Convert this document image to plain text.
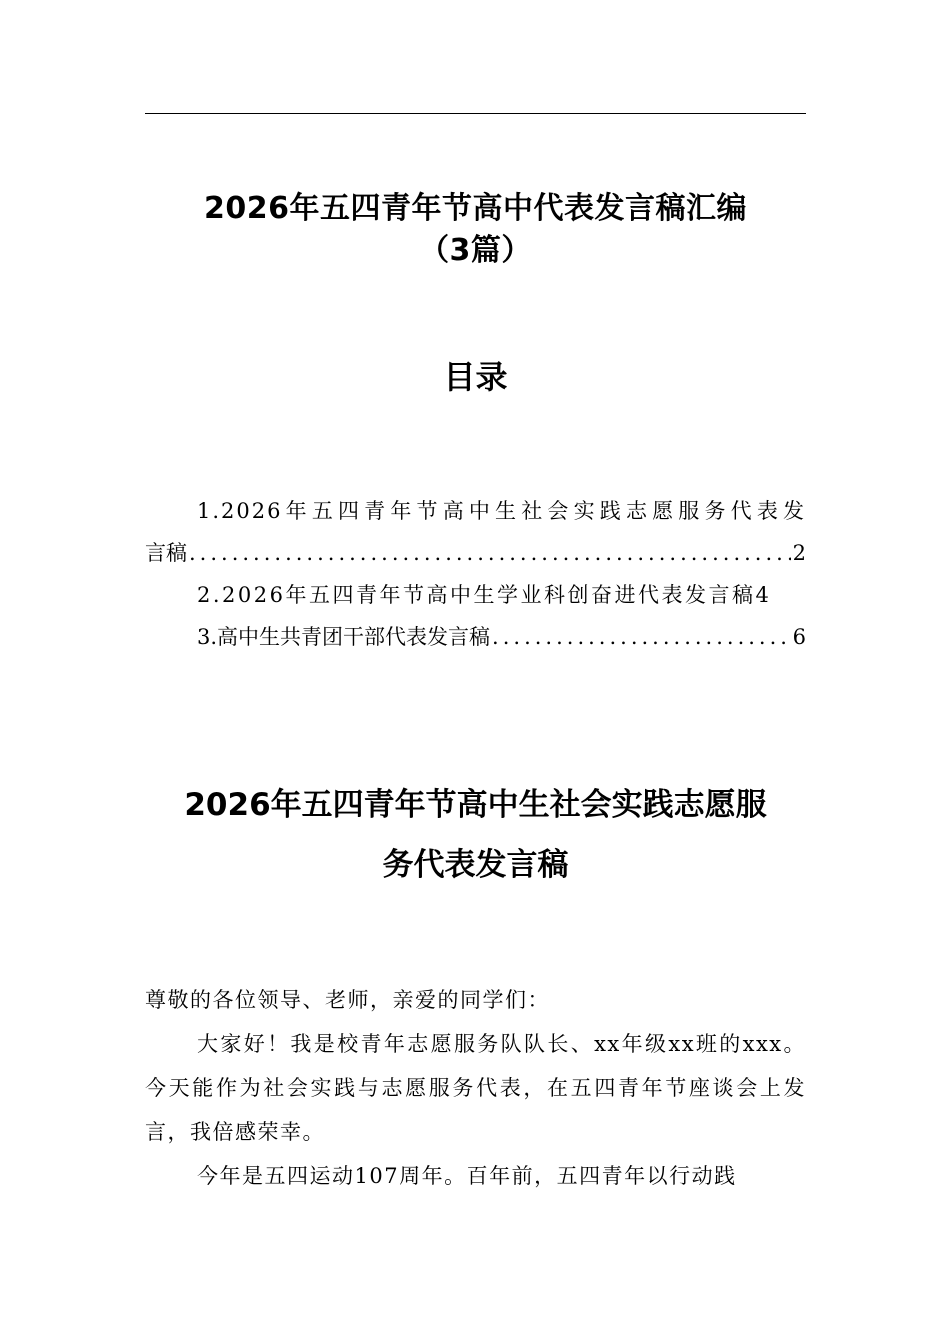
2026年五四青年节高中代表发言稿汇编
（3篇）
目录
1.2026年五四青年节高中生社会实践志愿服务代表发
言稿 .....	2
2.2026年五四青年节高中生学业科创奋进代表发言稿 4
3.高中生共青团干部代表发言稿 .....	6
2026年五四青年节高中生社会实践志愿服
务代表发言稿

尊敬的各位领导、老师，亲爱的同学们：

大家好！我是校青年志愿服务队队长、xx年级xx班的xxx。今天能作为社会实践与志愿服务代表，在五四青年节座谈会上发言，我倍感荣幸。

今年是五四运动107周年。百年前，五四青年以行动践
